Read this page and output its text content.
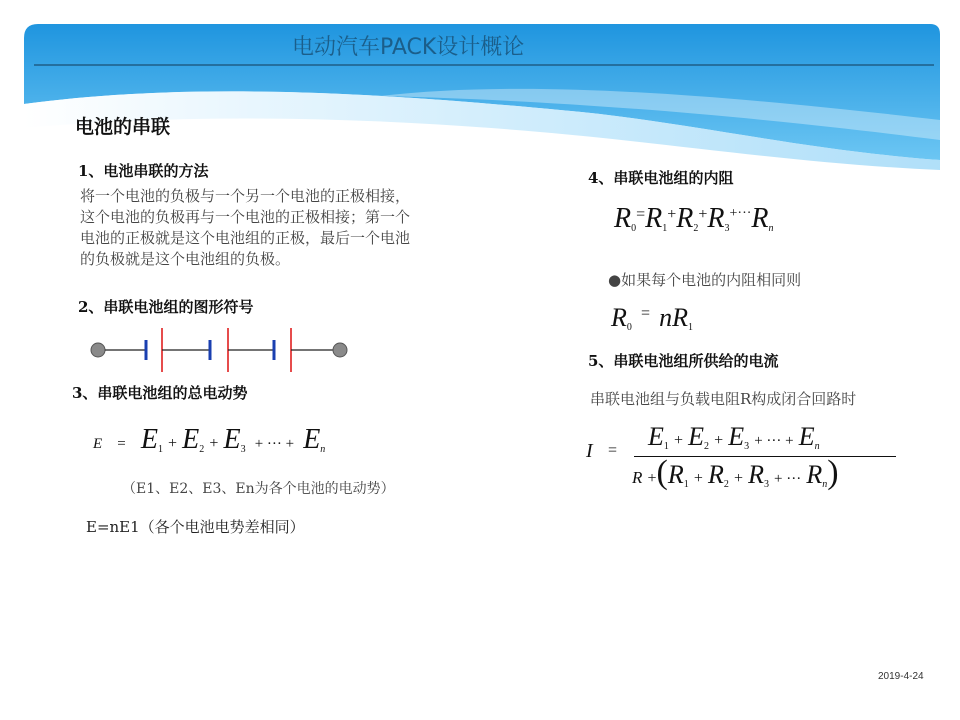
电动汽车PACK设计概论
电池的串联
1、电池串联的方法
将一个电池的负极与一个另一个电池的正极相接，
这个电池的负极再与一个电池的正极相接；第一个
电池的正极就是这个电池组的正极，最后一个电池
的负极就是这个电池组的负极。
2、串联电池组的图形符号
3、串联电池组的总电动势
$E = E_1 + E_2 + E_3$ + ··· + $E_n$
（E1、E2、E3、En为各个电池的电动势）
E=nE1（各个电池电势差相同）
4、串联电池组的内阻
$R_0=R_1+R_2+R_3+\cdot\cdot\cdot R_n$
●如果每个电池的内阻相同则
$R_0 = nR_1$
5、串联电池组所供给的电流
串联电池组与负载电阻R构成闭合回路时
$I = E_1 + E_2 + E_3$ + ··· + $E_n$
$R +(R_1 + R_2 + R_3$ + ··· $R_n$)
2019-4-24
